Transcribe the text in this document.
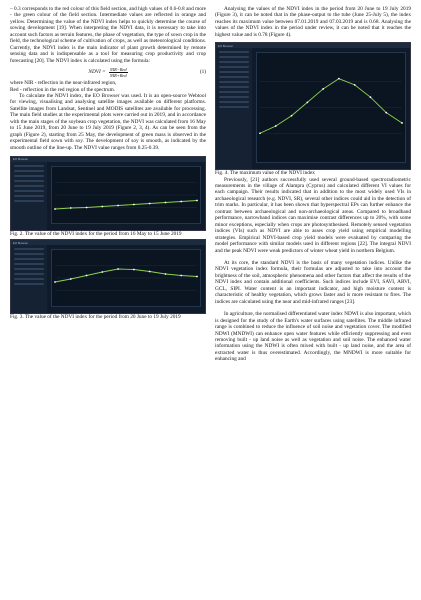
– 0.3 corresponds to the red colour of this field section, and high values of 0.6-0.8 and more - the green colour of the field section. Intermediate values are reflected in orange and yellow. Determining the value of the NDVI index helps to quickly determine the course of sowing development [19]. When interpreting the NDVI data, it is necessary to take into account such factors as terrain features, the phase of vegetation, the type of sown crop in the field, the technological scheme of cultivation of crops, as well as meteorological conditions. Currently, the NDVI index is the main indicator of plant growth determined by remote sensing data and is indispensable as a tool for measuring crop productivity and crop forecasting [20]. The NDVI index is calculated using the formula:

NDVI = $\frac{\text{NIR−Red}}{\text{NIR+Red}}$	(1)

where NIR - reflection in the near-infrared region,

Red - reflection in the red region of the spectrum.

To calculate the NDVI index, the EO Browser was used. It is an open-source Webtool for viewing, visualising and analysing satellite images available on different platforms. Satellite images from Landsat, Sentinel and MODIS satellites are available for processing. The main field studies at the experimental plots were carried out in 2019, and in accordance with the main stages of the soybean crop vegetation, the NDVI was calculated from 16 May to 15 June 2019, from 20 June to 19 July 2019 (Figure 2, 3, 4). As can be seen from the graph (Figure 2), starting from 25 May, the development of green mass is observed in the experimental field sown with soy. The development of soy is smooth, as indicated by the smooth outline of the line-up. The NDVI value ranges from 0.25-0.39.

EO Browser

Fig. 2. The value of the NDVI index for the period from 16 May to 15 June 2019

EO Browser

Fig. 3. The value of the NDVI index for the period from 20 June to 19 July 2019

Analysing the values of the NDVI index in the period from 20 June to 19 July 2019 (Figure 3), it can be noted that in the phase-output to the tube (June 25-July 5), the index reaches its maximum value between 07.01.2019 and 07.03.2019 and is 0.68. Analysing the values of the NDVI index in the period under review, it can be noted that it reaches the highest value and is 0.78 (Figure 4).

EO Browser

Fig. 4. The maximum value of the NDVI index

Previously, [21] authors successfully used several ground-based spectroradiometric measurements in the village of Alampra (Cyprus) and calculated different VI values for each campaign. Their results indicated that in addition to the most widely used VIs in archaeological research (e.g. NDVI, SR), several other indices could aid in the detection of trim marks. In particular, it has been shown that hyperspectral EPs can further enhance the contrast between archaeological and non-archaeological areas. Compared to broadband performance, narrowband indices can maximise contrast differences up to 20%, with some minor exceptions, especially when crops are photosynthesised. Remotely sensed vegetation indices (VIs) such as NDVI are able to asses crop yield using empirical modelling strategies. Empirical NDVI-based crop yield models were evaluated by comparing the model performance with similar models used in different regions [22]. The integral NDVI and the peak NDVI were weak predictors of winter wheat yield in northern Belgium.

At its core, the standard NDVI is the basis of many vegetation indices. Unlike the NDVI vegetation index formula, their formulas are adjusted to take into account the brightness of the soil, atmospheric phenomena and other factors that affect the results of the NDVI index and contain additional coefficients. Such indices include EVI, SAVI, ARVI, GCL, SIPI. Water content is an important indicator, and high moisture content is characteristic of healthy vegetation, which grows faster and is more resistant to fires. The indices are calculated using the near and mid-infrared ranges [23].

In agriculture, the normalised differentiated water index NDWI is also important, which is designed for the study of the Earth's water surfaces using satellites. The middle infrared range is combined to reduce the influence of soil noise and vegetation cover. The modified NDWI (MNDWI) can enhance open water features while efficiently suppressing and even removing built - up land noise as well as vegetation and soil noise. The enhanced water information using the NDWI is often mixed with built - up land noise, and the area of extracted water is thus overestimated. Accordingly, the MNDWI is more suitable for enhancing and
